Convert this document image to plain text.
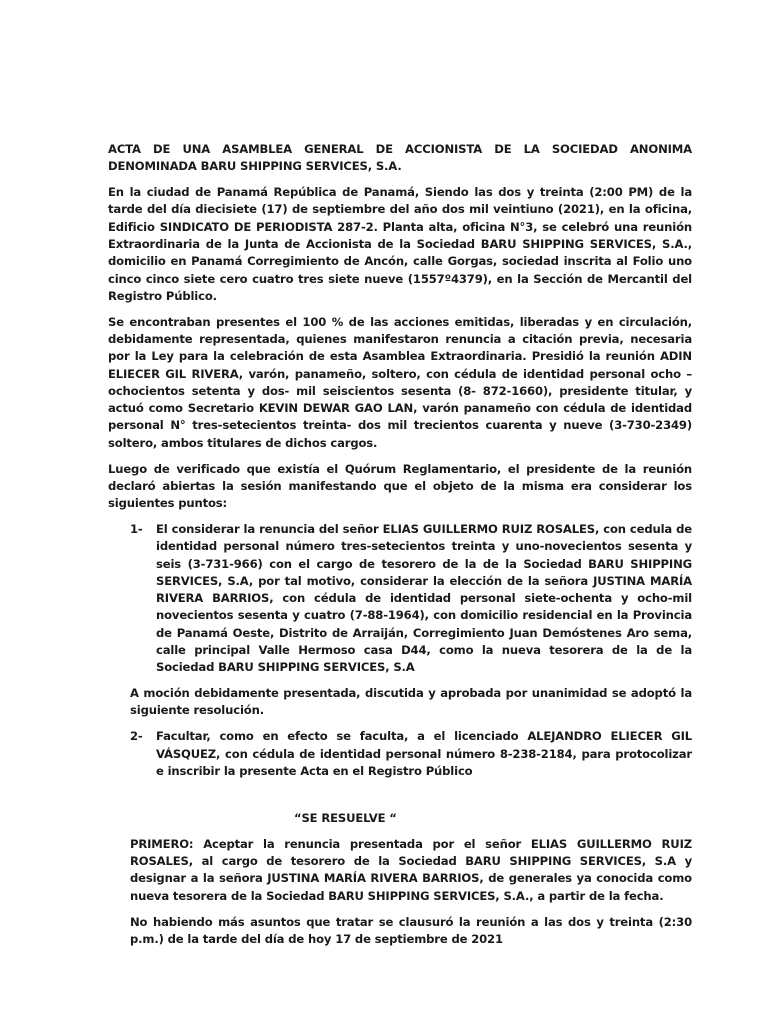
ACTA DE UNA ASAMBLEA GENERAL DE ACCIONISTA DE LA SOCIEDAD ANONIMA DENOMINADA BARU SHIPPING SERVICES, S.A.

En la ciudad de Panamá República de Panamá, Siendo las dos y treinta (2:00 PM) de la tarde del día diecisiete (17) de septiembre del año dos mil veintiuno (2021), en la oficina, Edificio SINDICATO DE PERIODISTA 287-2. Planta alta, oficina N°3, se celebró una reunión Extraordinaria de la Junta de Accionista de la Sociedad BARU SHIPPING SERVICES, S.A., domicilio en Panamá Corregimiento de Ancón, calle Gorgas, sociedad inscrita al Folio uno cinco cinco siete cero cuatro tres siete nueve (1557º4379), en la Sección de Mercantil del Registro Público.

Se encontraban presentes el 100 % de las acciones emitidas, liberadas y en circulación, debidamente representada, quienes manifestaron renuncia a citación previa, necesaria por la Ley para la celebración de esta Asamblea Extraordinaria. Presidió la reunión ADIN ELIECER GIL RIVERA, varón, panameño, soltero, con cédula de identidad personal ocho – ochocientos setenta y dos- mil seiscientos sesenta (8- 872-1660), presidente titular, y actuó como Secretario KEVIN DEWAR GAO LAN, varón panameño con cédula de identidad personal N° tres-setecientos treinta- dos mil trecientos cuarenta y nueve (3-730-2349) soltero, ambos titulares de dichos cargos.

Luego de verificado que existía el Quórum Reglamentario, el presidente de la reunión declaró abiertas la sesión manifestando que el objeto de la misma era considerar los siguientes puntos:

1-	El considerar la renuncia del señor ELIAS GUILLERMO RUIZ ROSALES, con cedula de identidad personal número tres-setecientos treinta y uno-novecientos sesenta y seis (3-731-966) con el cargo de tesorero de la de la Sociedad BARU SHIPPING SERVICES, S.A, por tal motivo, considerar la elección de la señora JUSTINA MARÍA RIVERA BARRIOS, con cédula de identidad personal siete-ochenta y ocho-mil novecientos sesenta y cuatro (7-88-1964), con domicilio residencial en la Provincia de Panamá Oeste, Distrito de Arraiján, Corregimiento Juan Demóstenes Aro sema, calle principal Valle Hermoso casa D44, como la nueva tesorera de la de la Sociedad BARU SHIPPING SERVICES, S.A

A moción debidamente presentada, discutida y aprobada por unanimidad se adoptó la siguiente resolución.

2-	Facultar, como en efecto se faculta, a el licenciado ALEJANDRO ELIECER GIL VÁSQUEZ, con cédula de identidad personal número 8-238-2184, para protocolizar e inscribir la presente Acta en el Registro Público

“SE RESUELVE “

PRIMERO: Aceptar la renuncia presentada por el señor ELIAS GUILLERMO RUIZ ROSALES, al cargo de tesorero de la Sociedad BARU SHIPPING SERVICES, S.A y designar a la señora JUSTINA MARÍA RIVERA BARRIOS, de generales ya conocida como nueva tesorera de la Sociedad BARU SHIPPING SERVICES, S.A., a partir de la fecha.

No habiendo más asuntos que tratar se clausuró la reunión a las dos y treinta (2:30 p.m.) de la tarde del día de hoy 17 de septiembre de 2021
